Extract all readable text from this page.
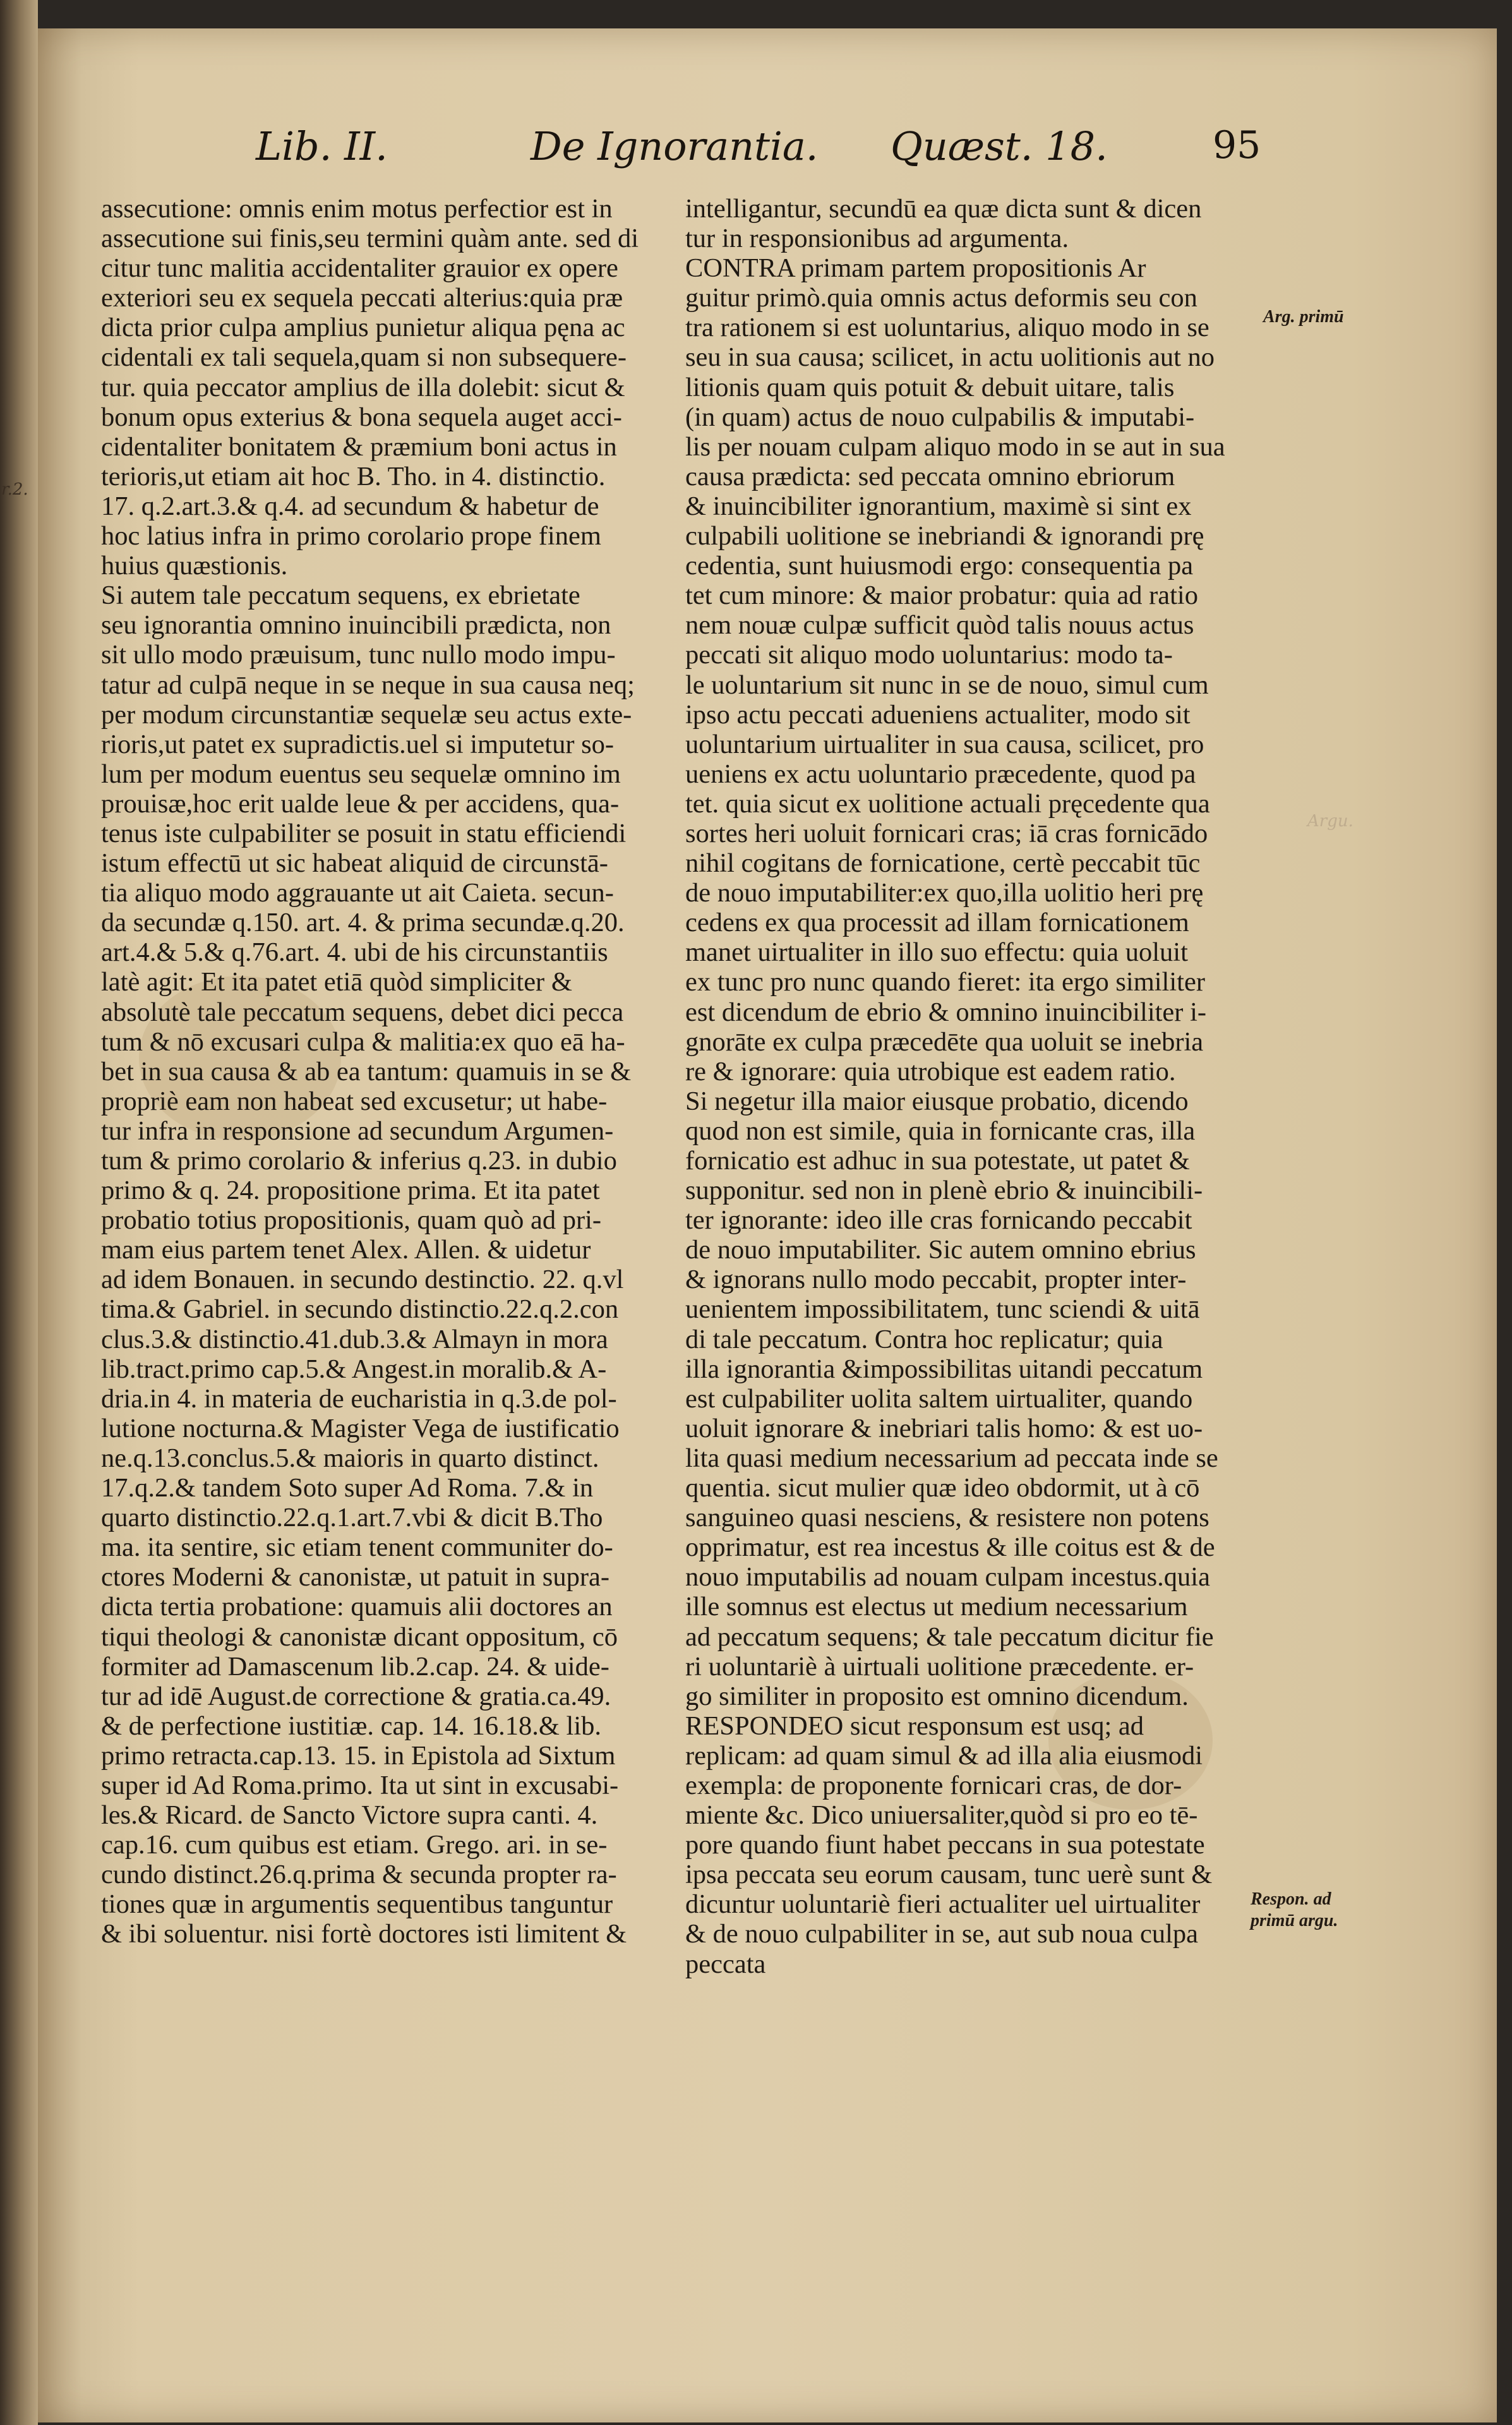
r.2.
Lib. II.	De Ignorantia. Quæst. 18.	95
assecutione: omnis enim motus perfectior est in
assecutione sui finis,seu termini quàm ante. sed di
citur tunc malitia accidentaliter grauior ex opere
exteriori seu ex sequela peccati alterius:quia præ
dicta prior culpa amplius punietur aliqua pęna ac
cidentali ex tali sequela,quam si non subsequere-
tur. quia peccator amplius de illa dolebit: sicut &
bonum opus exterius & bona sequela auget acci-
cidentaliter bonitatem & præmium boni actus in
terioris,ut etiam ait hoc B. Tho. in 4. distinctio.
17. q.2.art.3.& q.4. ad secundum & habetur de
hoc latius infra in primo corolario prope finem
huius quæstionis.
Si autem tale peccatum sequens, ex ebrietate
seu ignorantia omnino inuincibili prædicta, non
sit ullo modo præuisum, tunc nullo modo impu-
tatur ad culpā neque in se neque in sua causa neq;
per modum circunstantiæ sequelæ seu actus exte-
rioris,ut patet ex supradictis.uel si imputetur so-
lum per modum euentus seu sequelæ omnino im
prouisæ,hoc erit ualde leue & per accidens, qua-
tenus iste culpabiliter se posuit in statu efficiendi
istum effectū ut sic habeat aliquid de circunstā-
tia aliquo modo aggrauante ut ait Caieta. secun-
da secundæ q.150. art. 4. & prima secundæ.q.20.
art.4.& 5.& q.76.art. 4. ubi de his circunstantiis
latè agit: Et ita patet etiā quòd simpliciter &
absolutè tale peccatum sequens, debet dici pecca
tum & nō excusari culpa & malitia:ex quo eā ha-
bet in sua causa & ab ea tantum: quamuis in se &
propriè eam non habeat sed excusetur; ut habe-
tur infra in responsione ad secundum Argumen-
tum & primo corolario & inferius q.23. in dubio
primo & q. 24. propositione prima. Et ita patet
probatio totius propositionis, quam quò ad pri-
mam eius partem tenet Alex. Allen. & uidetur
ad idem Bonauen. in secundo destinctio. 22. q.vl
tima.& Gabriel. in secundo distinctio.22.q.2.con
clus.3.& distinctio.41.dub.3.& Almayn in mora
lib.tract.primo cap.5.& Angest.in moralib.& A-
dria.in 4. in materia de eucharistia in q.3.de pol-
lutione nocturna.& Magister Vega de iustificatio
ne.q.13.conclus.5.& maioris in quarto distinct.
17.q.2.& tandem Soto super Ad Roma. 7.& in
quarto distinctio.22.q.1.art.7.vbi & dicit B.Tho
ma. ita sentire, sic etiam tenent communiter do-
ctores Moderni & canonistæ, ut patuit in supra-
dicta tertia probatione: quamuis alii doctores an
tiqui theologi & canonistæ dicant oppositum, cō
formiter ad Damascenum lib.2.cap. 24. & uide-
tur ad idē August.de correctione & gratia.ca.49.
& de perfectione iustitiæ. cap. 14. 16.18.& lib.
primo retracta.cap.13. 15. in Epistola ad Sixtum
super id Ad Roma.primo. Ita ut sint in excusabi-
les.& Ricard. de Sancto Victore supra canti. 4.
cap.16. cum quibus est etiam. Grego. ari. in se-
cundo distinct.26.q.prima & secunda propter ra-
tiones quæ in argumentis sequentibus tanguntur
& ibi soluentur. nisi fortè doctores isti limitent &
intelligantur, secundū ea quæ dicta sunt & dicen
tur in responsionibus ad argumenta.
CONTRA primam partem propositionis Ar
guitur primò.quia omnis actus deformis seu con
tra rationem si est uoluntarius, aliquo modo in se
seu in sua causa; scilicet, in actu uolitionis aut no
litionis quam quis potuit & debuit uitare, talis
(in quam) actus de nouo culpabilis & imputabi-
lis per nouam culpam aliquo modo in se aut in sua
causa prædicta: sed peccata omnino ebriorum
& inuincibiliter ignorantium, maximè si sint ex
culpabili uolitione se inebriandi & ignorandi prę
cedentia, sunt huiusmodi ergo: consequentia pa
tet cum minore: & maior probatur: quia ad ratio
nem nouæ culpæ sufficit quòd talis nouus actus
peccati sit aliquo modo uoluntarius: modo ta-
le uoluntarium sit nunc in se de nouo, simul cum
ipso actu peccati adueniens actualiter, modo sit
uoluntarium uirtualiter in sua causa, scilicet, pro
ueniens ex actu uoluntario præcedente, quod pa
tet. quia sicut ex uolitione actuali pręcedente qua
sortes heri uoluit fornicari cras; iā cras fornicādo
nihil cogitans de fornicatione, certè peccabit tūc
de nouo imputabiliter:ex quo,illa uolitio heri prę
cedens ex qua processit ad illam fornicationem
manet uirtualiter in illo suo effectu: quia uoluit
ex tunc pro nunc quando fieret: ita ergo similiter
est dicendum de ebrio & omnino inuincibiliter i-
gnorāte ex culpa præcedēte qua uoluit se inebria
re & ignorare: quia utrobique est eadem ratio.
Si negetur illa maior eiusque probatio, dicendo
quod non est simile, quia in fornicante cras, illa
fornicatio est adhuc in sua potestate, ut patet &
supponitur. sed non in plenè ebrio & inuincibili-
ter ignorante: ideo ille cras fornicando peccabit
de nouo imputabiliter. Sic autem omnino ebrius
& ignorans nullo modo peccabit, propter inter-
uenientem impossibilitatem, tunc sciendi & uitā
di tale peccatum. Contra hoc replicatur; quia
illa ignorantia &impossibilitas uitandi peccatum
est culpabiliter uolita saltem uirtualiter, quando
uoluit ignorare & inebriari talis homo: & est uo-
lita quasi medium necessarium ad peccata inde se
quentia. sicut mulier quæ ideo obdormit, ut à cō
sanguineo quasi nesciens, & resistere non potens
opprimatur, est rea incestus & ille coitus est & de
nouo imputabilis ad nouam culpam incestus.quia
ille somnus est electus ut medium necessarium
ad peccatum sequens; & tale peccatum dicitur fie
ri uoluntariè à uirtuali uolitione præcedente. er-
go similiter in proposito est omnino dicendum.
RESPONDEO sicut responsum est usq; ad
replicam: ad quam simul & ad illa alia eiusmodi
exempla: de proponente fornicari cras, de dor-
miente &c. Dico uniuersaliter,quòd si pro eo tē-
pore quando fiunt habet peccans in sua potestate
ipsa peccata seu eorum causam, tunc uerè sunt &
dicuntur uoluntariè fieri actualiter uel uirtualiter
& de nouo culpabiliter in se, aut sub noua culpa
peccata
Arg. primū
Respon. ad primū argu.
Argu.
